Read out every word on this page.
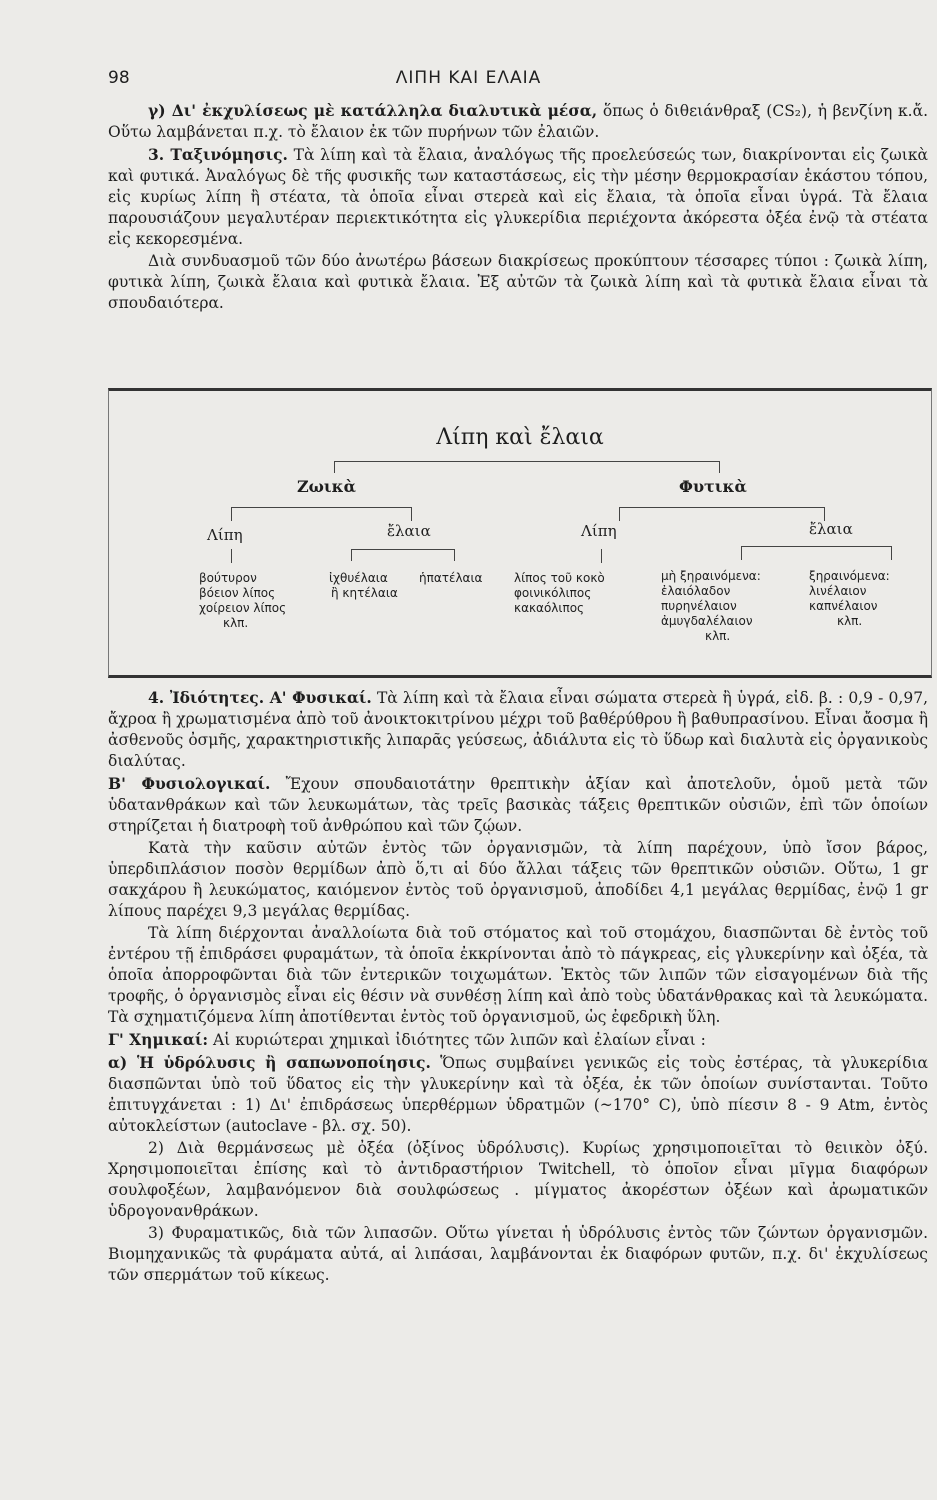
98	ΛΙΠΗ ΚΑΙ ΕΛΑΙΑ

γ) Δι' ἐκχυλίσεως μὲ κατάλληλα διαλυτικὰ μέσα, ὅπως ὁ διθειάνθραξ (CS₂), ἡ βενζίνη κ.ἄ. Οὕτω λαμβάνεται π.χ. τὸ ἔλαιον ἐκ τῶν πυρήνων τῶν ἐλαιῶν.

3. Ταξινόμησις. Τὰ λίπη καὶ τὰ ἔλαια, ἀναλόγως τῆς προελεύσεώς των, διακρίνονται εἰς ζωικὰ καὶ φυτικά. Ἀναλόγως δὲ τῆς φυσικῆς των καταστάσεως, εἰς τὴν μέσην θερμοκρασίαν ἑκάστου τόπου, εἰς κυρίως λίπη ἢ στέατα, τὰ ὁποῖα εἶναι στερεὰ καὶ εἰς ἔλαια, τὰ ὁποῖα εἶναι ὑγρά. Τὰ ἔλαια παρουσιάζουν μεγαλυτέραν περιεκτικότητα εἰς γλυκερίδια περιέχοντα ἀκόρεστα ὀξέα ἐνῷ τὰ στέατα εἰς κεκορεσμένα.

Διὰ συνδυασμοῦ τῶν δύο ἀνωτέρω βάσεων διακρίσεως προκύπτουν τέσσαρες τύποι : ζωικὰ λίπη, φυτικὰ λίπη, ζωικὰ ἔλαια καὶ φυτικὰ ἔλαια. Ἐξ αὐτῶν τὰ ζωικὰ λίπη καὶ τὰ φυτικὰ ἔλαια εἶναι τὰ σπουδαιότερα.

Λίπη καὶ ἔλαια
Ζωικὰ	Φυτικὰ
Λίπη	ἔλαια	Λίπη	ἔλαια
βούτυρον
βόειον λίπος
χοίρειον λίπος
κλπ.
ἰχθυέλαια	ἡπατέλαια
ἢ κητέλαια
λίπος τοῦ κοκὸ
φοινικόλιπος
κακαόλιπος
μὴ ξηραινόμενα:
ἐλαιόλαδον
πυρηνέλαιον
ἀμυγδαλέλαιον
κλπ.
ξηραινόμενα:
λινέλαιον
καπνέλαιον
κλπ.

4. Ἰδιότητες. Α' Φυσικαί. Τὰ λίπη καὶ τὰ ἔλαια εἶναι σώματα στερεὰ ἢ ὑγρά, εἰδ. β. : 0,9 - 0,97, ἄχροα ἢ χρωματισμένα ἀπὸ τοῦ ἀνοικτοκιτρίνου μέχρι τοῦ βαθέρύθρου ἢ βαθυπρασίνου. Εἶναι ἄοσμα ἢ ἀσθενοῦς ὀσμῆς, χαρακτηριστικῆς λιπαρᾶς γεύσεως, ἀδιάλυτα εἰς τὸ ὕδωρ καὶ διαλυτὰ εἰς ὀργανικοὺς διαλύτας.

Β' Φυσιολογικαί. Ἔχουν σπουδαιοτάτην θρεπτικὴν ἀξίαν καὶ ἀποτελοῦν, ὁμοῦ μετὰ τῶν ὑδατανθράκων καὶ τῶν λευκωμάτων, τὰς τρεῖς βασικὰς τάξεις θρεπτικῶν οὐσιῶν, ἐπὶ τῶν ὁποίων στηρίζεται ἡ διατροφὴ τοῦ ἀνθρώπου καὶ τῶν ζῴων.

Κατὰ τὴν καῦσιν αὐτῶν ἐντὸς τῶν ὀργανισμῶν, τὰ λίπη παρέχουν, ὑπὸ ἴσον βάρος, ὑπερδιπλάσιον ποσὸν θερμίδων ἀπὸ ὅ,τι αἱ δύο ἄλλαι τάξεις τῶν θρεπτικῶν οὐσιῶν. Οὕτω, 1 gr σακχάρου ἢ λευκώματος, καιόμενον ἐντὸς τοῦ ὀργανισμοῦ, ἀποδίδει 4,1 μεγάλας θερμίδας, ἐνῷ 1 gr λίπους παρέχει 9,3 μεγάλας θερμίδας.

Τὰ λίπη διέρχονται ἀναλλοίωτα διὰ τοῦ στόματος καὶ τοῦ στομάχου, διασπῶνται δὲ ἐντὸς τοῦ ἐντέρου τῇ ἐπιδράσει φυραμάτων, τὰ ὁποῖα ἐκκρίνονται ἀπὸ τὸ πάγκρεας, εἰς γλυκερίνην καὶ ὀξέα, τὰ ὁποῖα ἀπορροφῶνται διὰ τῶν ἐντερικῶν τοιχωμάτων. Ἐκτὸς τῶν λιπῶν τῶν εἰσαγομένων διὰ τῆς τροφῆς, ὁ ὀργανισμὸς εἶναι εἰς θέσιν νὰ συνθέσῃ λίπη καὶ ἀπὸ τοὺς ὑδατάνθρακας καὶ τὰ λευκώματα. Τὰ σχηματιζόμενα λίπη ἀποτίθενται ἐντὸς τοῦ ὀργανισμοῦ, ὡς ἐφεδρικὴ ὕλη.

Γ' Χημικαί: Αἱ κυριώτεραι χημικαὶ ἰδιότητες τῶν λιπῶν καὶ ἐλαίων εἶναι :

α) Ἡ ὑδρόλυσις ἢ σαπωνοποίησις. Ὅπως συμβαίνει γενικῶς εἰς τοὺς ἐστέρας, τὰ γλυκερίδια διασπῶνται ὑπὸ τοῦ ὕδατος εἰς τὴν γλυκερίνην καὶ τὰ ὀξέα, ἐκ τῶν ὁποίων συνίστανται. Τοῦτο ἐπιτυγχάνεται : 1) Δι' ἐπιδράσεως ὑπερθέρμων ὑδρατμῶν (~170° C), ὑπὸ πίεσιν 8 - 9 Atm, ἐντὸς αὐτοκλείστων (autoclave - βλ. σχ. 50).

2) Διὰ θερμάνσεως μὲ ὀξέα (ὀξίνος ὑδρόλυσις). Κυρίως χρησιμοποιεῖται τὸ θειικὸν ὀξύ. Χρησιμοποιεῖται ἐπίσης καὶ τὸ ἀντιδραστήριον Twitchell, τὸ ὁποῖον εἶναι μῖγμα διαφόρων σουλφοξέων, λαμβανόμενον διὰ σουλφώσεως . μίγματος ἀκορέστων ὀξέων καὶ ἀρωματικῶν ὑδρογονανθράκων.

3) Φυραματικῶς, διὰ τῶν λιπασῶν. Οὕτω γίνεται ἡ ὑδρόλυσις ἐντὸς τῶν ζώντων ὀργανισμῶν. Βιομηχανικῶς τὰ φυράματα αὐτά, αἱ λιπάσαι, λαμβάνονται ἐκ διαφόρων φυτῶν, π.χ. δι' ἐκχυλίσεως τῶν σπερμάτων τοῦ κίκεως.
